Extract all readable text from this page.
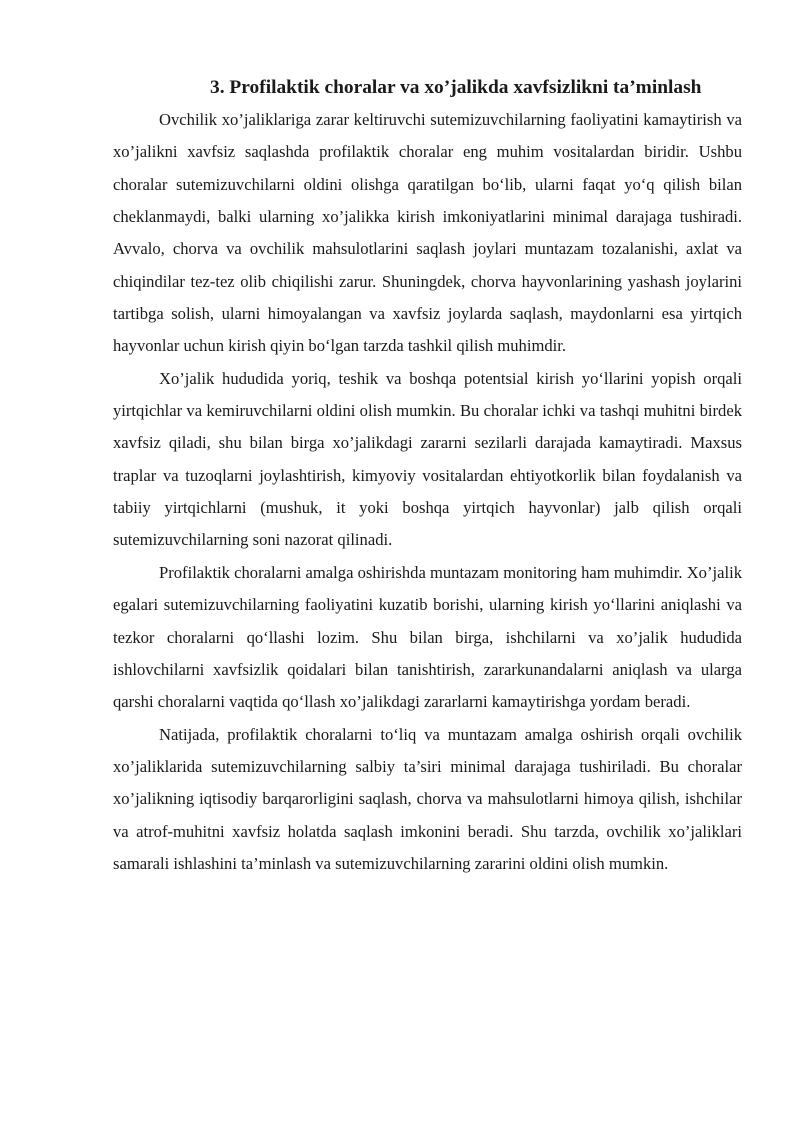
3. Profilaktik choralar va xo’jalikda xavfsizlikni ta’minlash

Ovchilik xo’jaliklariga zarar keltiruvchi sutemizuvchilarning faoliyatini kamaytirish va xo’jalikni xavfsiz saqlashda profilaktik choralar eng muhim vositalardan biridir. Ushbu choralar sutemizuvchilarni oldini olishga qaratilgan bo‘lib, ularni faqat yo‘q qilish bilan cheklanmaydi, balki ularning xo’jalikka kirish imkoniyatlarini minimal darajaga tushiradi. Avvalo, chorva va ovchilik mahsulotlarini saqlash joylari muntazam tozalanishi, axlat va chiqindilar tez-tez olib chiqilishi zarur. Shuningdek, chorva hayvonlarining yashash joylarini tartibga solish, ularni himoyalangan va xavfsiz joylarda saqlash, maydonlarni esa yirtqich hayvonlar uchun kirish qiyin bo‘lgan tarzda tashkil qilish muhimdir.

Xo’jalik hududida yoriq, teshik va boshqa potentsial kirish yo‘llarini yopish orqali yirtqichlar va kemiruvchilarni oldini olish mumkin. Bu choralar ichki va tashqi muhitni birdek xavfsiz qiladi, shu bilan birga xo’jalikdagi zararni sezilarli darajada kamaytiradi. Maxsus traplar va tuzoqlarni joylashtirish, kimyoviy vositalardan ehtiyotkorlik bilan foydalanish va tabiiy yirtqichlarni (mushuk, it yoki boshqa yirtqich hayvonlar) jalb qilish orqali sutemizuvchilarning soni nazorat qilinadi.

Profilaktik choralarni amalga oshirishda muntazam monitoring ham muhimdir. Xo’jalik egalari sutemizuvchilarning faoliyatini kuzatib borishi, ularning kirish yo‘llarini aniqlashi va tezkor choralarni qo‘llashi lozim. Shu bilan birga, ishchilarni va xo’jalik hududida ishlovchilarni xavfsizlik qoidalari bilan tanishtirish, zararkunandalarni aniqlash va ularga qarshi choralarni vaqtida qo‘llash xo’jalikdagi zararlarni kamaytirishga yordam beradi.

Natijada, profilaktik choralarni to‘liq va muntazam amalga oshirish orqali ovchilik xo’jaliklarida sutemizuvchilarning salbiy ta’siri minimal darajaga tushiriladi. Bu choralar xo’jalikning iqtisodiy barqarorligini saqlash, chorva va mahsulotlarni himoya qilish, ishchilar va atrof-muhitni xavfsiz holatda saqlash imkonini beradi. Shu tarzda, ovchilik xo’jaliklari samarali ishlashini ta’minlash va sutemizuvchilarning zararini oldini olish mumkin.
